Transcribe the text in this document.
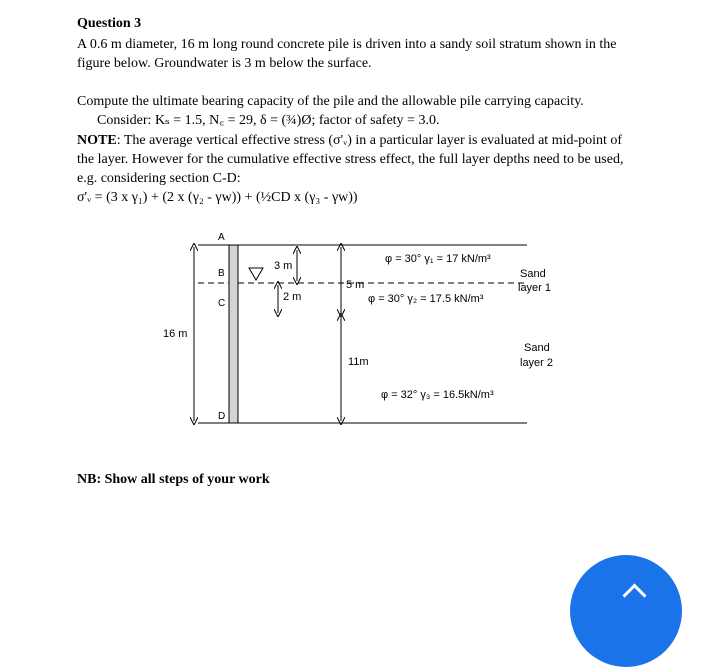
Question 3
A 0.6 m diameter, 16 m long round concrete pile is driven into a sandy soil stratum shown in the
figure below. Groundwater is 3 m below the surface.
Compute the ultimate bearing capacity of the pile and the allowable pile carrying capacity.
Consider: Kₛ = 1.5, N꜀ = 29, δ = (¾)Ø; factor of safety = 3.0.
NOTE: The average vertical effective stress (σ'ᵥ) in a particular layer is evaluated at mid-point of
the layer. However for the cumulative effective stress effect, the full layer depths need to be used,
e.g. considering section C-D:
σ'ᵥ = (3 x γ₁) + (2 x (γ₂ - γw)) + (½CD x (γ₃ - γw))
16 m
3 m
2 m
5 m
11m
A
B
C
D
φ = 30° γ₁ = 17 kN/m³
φ = 30° γ₂ = 17.5 kN/m³
φ = 32° γ₃ = 16.5kN/m³
Sand
layer 1
Sand
layer 2
NB: Show all steps of your work
